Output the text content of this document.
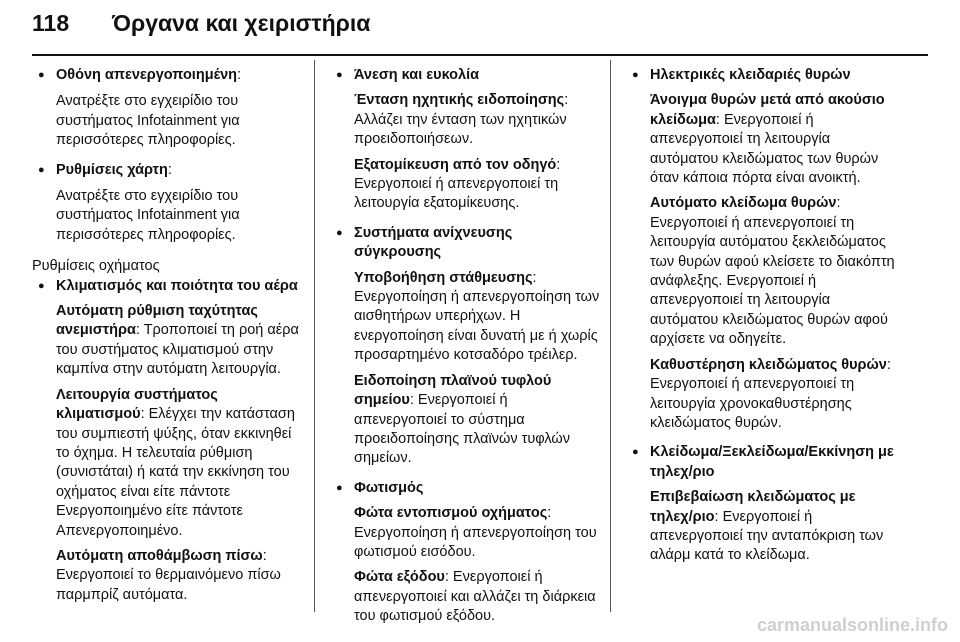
118	Όργανα και χειριστήρια
● Οθόνη απενεργοποιημένη:
Ανατρέξτε στο εγχειρίδιο του συστήματος Infotainment για περισσότερες πληροφορίες.
● Ρυθμίσεις χάρτη:
Ανατρέξτε στο εγχειρίδιο του συστήματος Infotainment για περισσότερες πληροφορίες.
Ρυθμίσεις οχήματος
● Κλιματισμός και ποιότητα του αέρα
Αυτόματη ρύθμιση ταχύτητας ανεμιστήρα: Τροποποιεί τη ροή αέρα του συστήματος κλιματισμού στην καμπίνα στην αυτόματη λειτουργία.
Λειτουργία συστήματος κλιματισμού: Ελέγχει την κατάσταση του συμπιεστή ψύξης, όταν εκκινηθεί το όχημα. Η τελευταία ρύθμιση (συνιστάται) ή κατά την εκκίνηση του οχήματος είναι είτε πάντοτε Ενεργοποιημένο είτε πάντοτε Απενεργοποιημένο.
Αυτόματη αποθάμβωση πίσω: Ενεργοποιεί το θερμαινόμενο πίσω παρμπρίζ αυτόματα.
● Άνεση και ευκολία
Ένταση ηχητικής ειδοποίησης: Αλλάζει την ένταση των ηχητικών προειδοποιήσεων.
Εξατομίκευση από τον οδηγό: Ενεργοποιεί ή απενεργοποιεί τη λειτουργία εξατομίκευσης.
● Συστήματα ανίχνευσης σύγκρουσης
Υποβοήθηση στάθμευσης: Ενεργοποίηση ή απενεργοποίηση των αισθητήρων υπερήχων. Η ενεργοποίηση είναι δυνατή με ή χωρίς προσαρτημένο κοτσαδόρο τρέιλερ.
Ειδοποίηση πλαϊνού τυφλού σημείου: Ενεργοποιεί ή απενεργοποιεί το σύστημα προειδοποίησης πλαϊνών τυφλών σημείων.
● Φωτισμός
Φώτα εντοπισμού οχήματος: Ενεργοποίηση ή απενεργοποίηση του φωτισμού εισόδου.
Φώτα εξόδου: Ενεργοποιεί ή απενεργοποιεί και αλλάζει τη διάρκεια του φωτισμού εξόδου.
● Ηλεκτρικές κλειδαριές θυρών
Άνοιγμα θυρών μετά από ακούσιο κλείδωμα: Ενεργοποιεί ή απενεργοποιεί τη λειτουργία αυτόματου κλειδώματος των θυρών όταν κάποια πόρτα είναι ανοικτή.
Αυτόματο κλείδωμα θυρών: Ενεργοποιεί ή απενεργοποιεί τη λειτουργία αυτόματου ξεκλειδώματος των θυρών αφού κλείσετε το διακόπτη ανάφλεξης. Ενεργοποιεί ή απενεργοποιεί τη λειτουργία αυτόματου κλειδώματος θυρών αφού αρχίσετε να οδηγείτε.
Καθυστέρηση κλειδώματος θυρών: Ενεργοποιεί ή απενεργοποιεί τη λειτουργία χρονοκαθυστέρησης κλειδώματος θυρών.
● Κλείδωμα/Ξεκλείδωμα/Εκκίνηση με τηλεχ/ριο
Επιβεβαίωση κλειδώματος με τηλεχ/ριο: Ενεργοποιεί ή απενεργοποιεί την ανταπόκριση των αλάρμ κατά το κλείδωμα.
carmanualsonline.info
